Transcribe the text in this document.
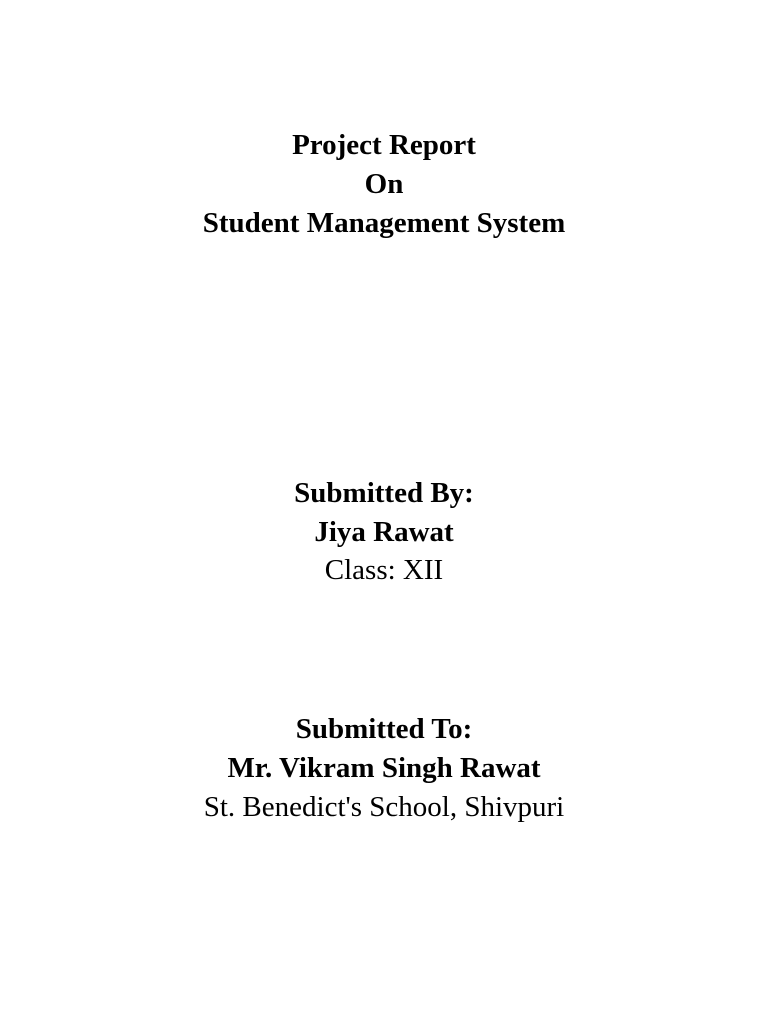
Project Report
On
Student Management System
Submitted By:
Jiya Rawat
Class: XII
Submitted To:
Mr. Vikram Singh Rawat
St. Benedict's School, Shivpuri
